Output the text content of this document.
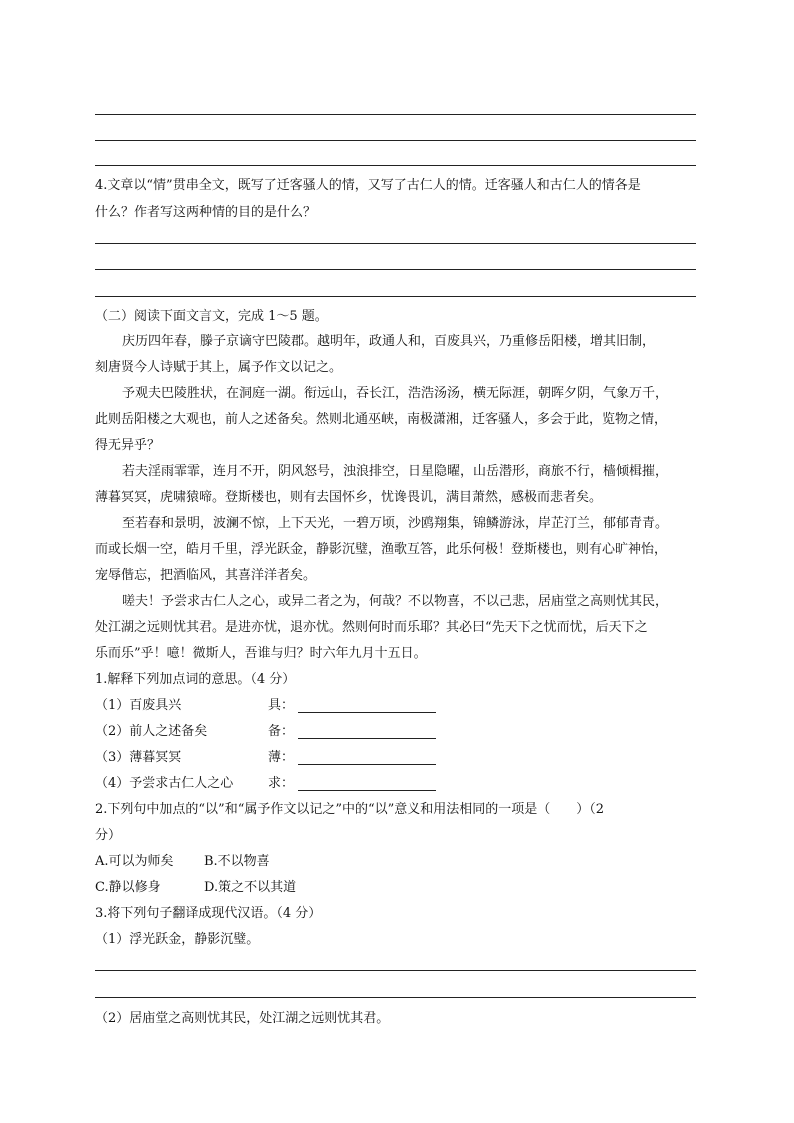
4.文章以“情”贯串全文，既写了迁客骚人的情，又写了古仁人的情。迁客骚人和古仁人的情各是
什么？作者写这两种情的目的是什么？
（二）阅读下面文言文，完成 1～5 题。
庆历四年春，滕子京谪守巴陵郡。越明年，政通人和，百废具兴，乃重修岳阳楼，增其旧制，
刻唐贤今人诗赋于其上，属予作文以记之。
予观夫巴陵胜状，在洞庭一湖。衔远山，吞长江，浩浩汤汤，横无际涯，朝晖夕阴，气象万千，
此则岳阳楼之大观也，前人之述备矣。然则北通巫峡，南极潇湘，迁客骚人，多会于此，览物之情，
得无异乎？
若夫淫雨霏霏，连月不开，阴风怒号，浊浪排空，日星隐曜，山岳潜形，商旅不行，樯倾楫摧，
薄暮冥冥，虎啸猿啼。登斯楼也，则有去国怀乡，忧谗畏讥，满目萧然，感极而悲者矣。
至若春和景明，波澜不惊，上下天光，一碧万顷，沙鸥翔集，锦鳞游泳，岸芷汀兰，郁郁青青。
而或长烟一空，皓月千里，浮光跃金，静影沉璧，渔歌互答，此乐何极！登斯楼也，则有心旷神怡，
宠辱偕忘，把酒临风，其喜洋洋者矣。
嗟夫！予尝求古仁人之心，或异二者之为，何哉？不以物喜，不以己悲，居庙堂之高则忧其民，
处江湖之远则忧其君。是进亦忧，退亦忧。然则何时而乐耶？其必曰“先天下之忧而忧，后天下之
乐而乐”乎！噫！微斯人，吾谁与归？时六年九月十五日。
1.解释下列加点词的意思。（4 分）
（1）百废具兴	具：
（2）前人之述备矣	备：
（3）薄暮冥冥	薄：
（4）予尝求古仁人之心	求：
2.下列句中加点的“以”和“属予作文以记之”中的“以”意义和用法相同的一项是（　　）（2
分）
A.可以为师矣	B.不以物喜
C.静以修身	D.策之不以其道
3.将下列句子翻译成现代汉语。（4 分）
（1）浮光跃金，静影沉璧。
（2）居庙堂之高则忧其民，处江湖之远则忧其君。
